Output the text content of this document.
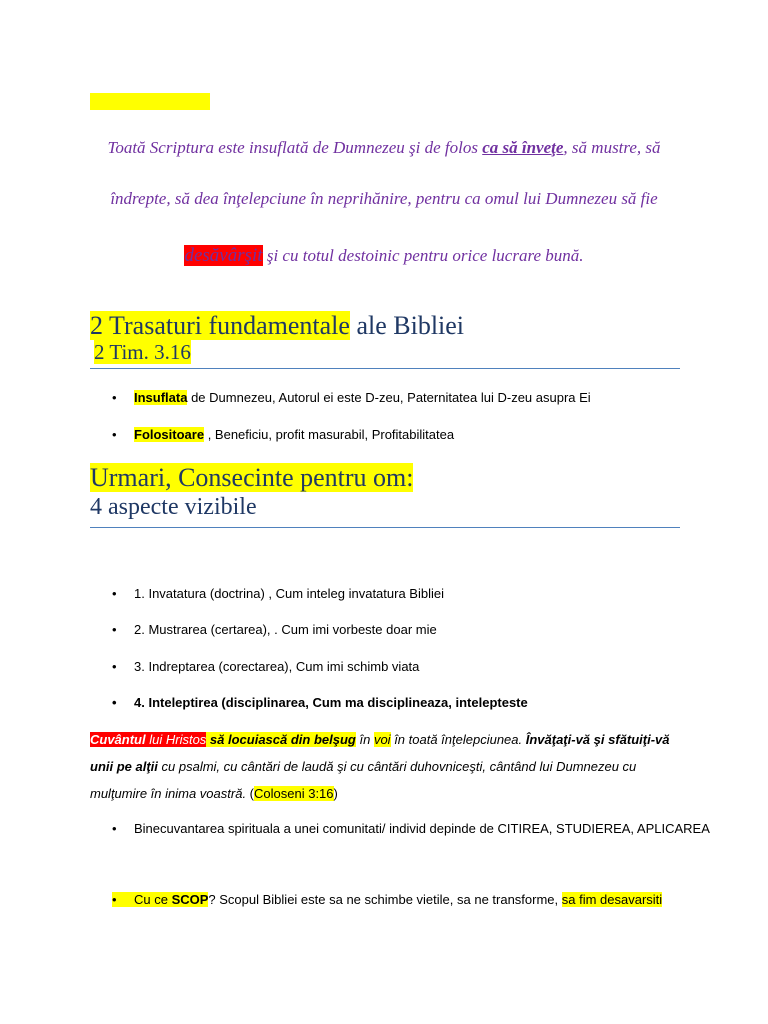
Toată Scriptura este insuflată de Dumnezeu şi de folos ca să înveţe, să mustre, să
îndrepte, să dea înţelepciune în neprihănire, pentru ca omul lui Dumnezeu să fie
desăvârşit şi cu totul destoinic pentru orice lucrare bună.
2 Trasaturi fundamentale ale Bibliei
2 Tim. 3.16
• Insuflata de Dumnezeu, Autorul ei este D-zeu, Paternitatea lui D-zeu asupra Ei
• Folositoare , Beneficiu, profit masurabil, Profitabilitatea
Urmari, Consecinte pentru om:
4 aspecte vizibile
• 1. Invatatura (doctrina) , Cum inteleg invatatura Bibliei
• 2. Mustrarea (certarea), . Cum imi vorbeste doar mie
• 3. Indreptarea (corectarea), Cum imi schimb viata
• 4. Inteleptirea (disciplinarea, Cum ma disciplineaza, intelepteste
Cuvântul lui Hristos să locuiască din belşug în voi în toată înţelepciunea. Învăţaţi-vă şi sfătuiţi-vă unii pe alţii cu psalmi, cu cântări de laudă şi cu cântări duhovniceşti, cântând lui Dumnezeu cu mulţumire în inima voastră. (Coloseni 3:16)
• Binecuvantarea spirituala a unei comunitati/ individ depinde de CITIREA, STUDIEREA, APLICAREA
• Cu ce SCOP? Scopul Bibliei este sa ne schimbe vietile, sa ne transforme, sa fim desavarsiti
